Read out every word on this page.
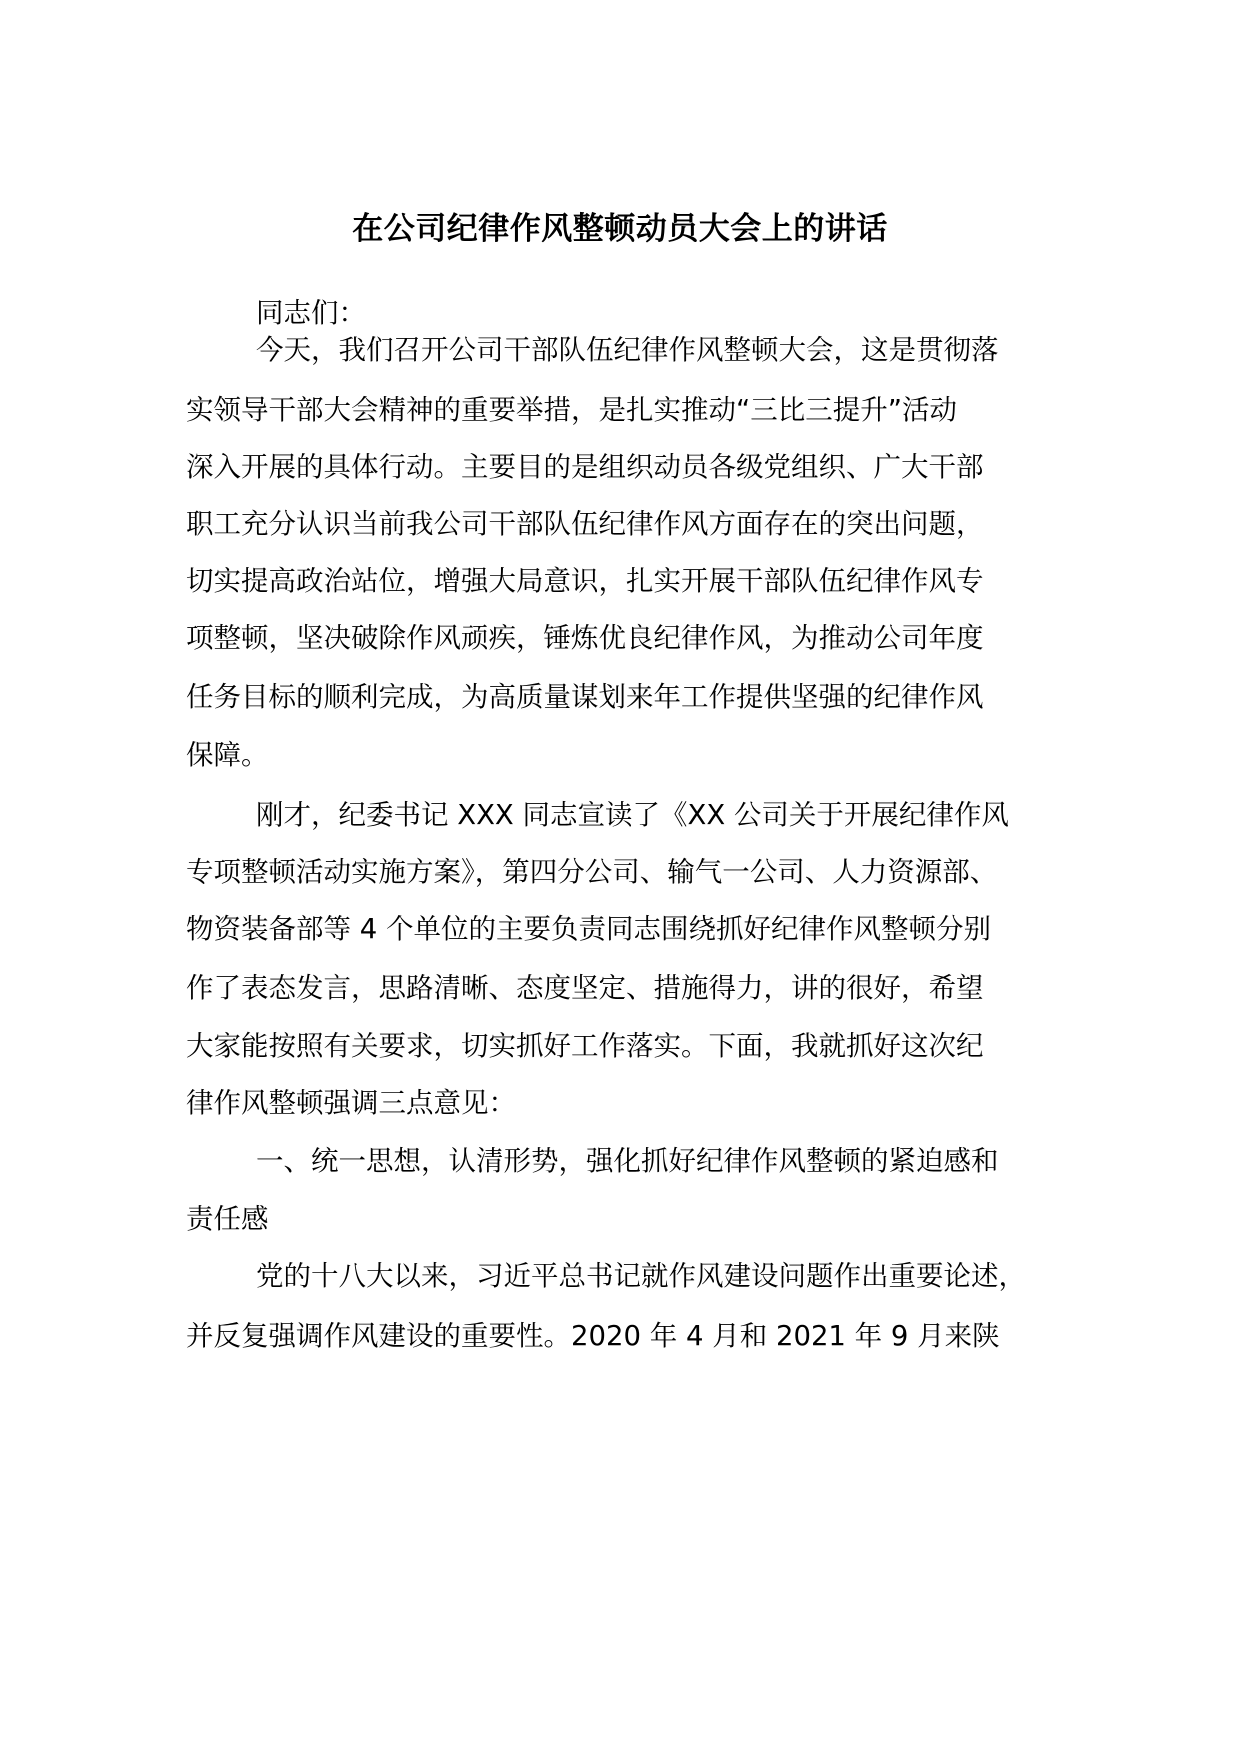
在公司纪律作风整顿动员大会上的讲话
同志们：
今天，我们召开公司干部队伍纪律作风整顿大会，这是贯彻落
实领导干部大会精神的重要举措，是扎实推动“三比三提升”活动
深入开展的具体行动。主要目的是组织动员各级党组织、广大干部
职工充分认识当前我公司干部队伍纪律作风方面存在的突出问题，
切实提高政治站位，增强大局意识，扎实开展干部队伍纪律作风专
项整顿，坚决破除作风顽疾，锤炼优良纪律作风，为推动公司年度
任务目标的顺利完成，为高质量谋划来年工作提供坚强的纪律作风
保障。
刚才，纪委书记 XXX 同志宣读了《XX 公司关于开展纪律作风
专项整顿活动实施方案》，第四分公司、输气一公司、人力资源部、
物资装备部等 4 个单位的主要负责同志围绕抓好纪律作风整顿分别
作了表态发言，思路清晰、态度坚定、措施得力，讲的很好，希望
大家能按照有关要求，切实抓好工作落实。下面，我就抓好这次纪
律作风整顿强调三点意见：
一、统一思想，认清形势，强化抓好纪律作风整顿的紧迫感和
责任感
党的十八大以来，习近平总书记就作风建设问题作出重要论述，
并反复强调作风建设的重要性。2020 年 4 月和 2021 年 9 月来陕
